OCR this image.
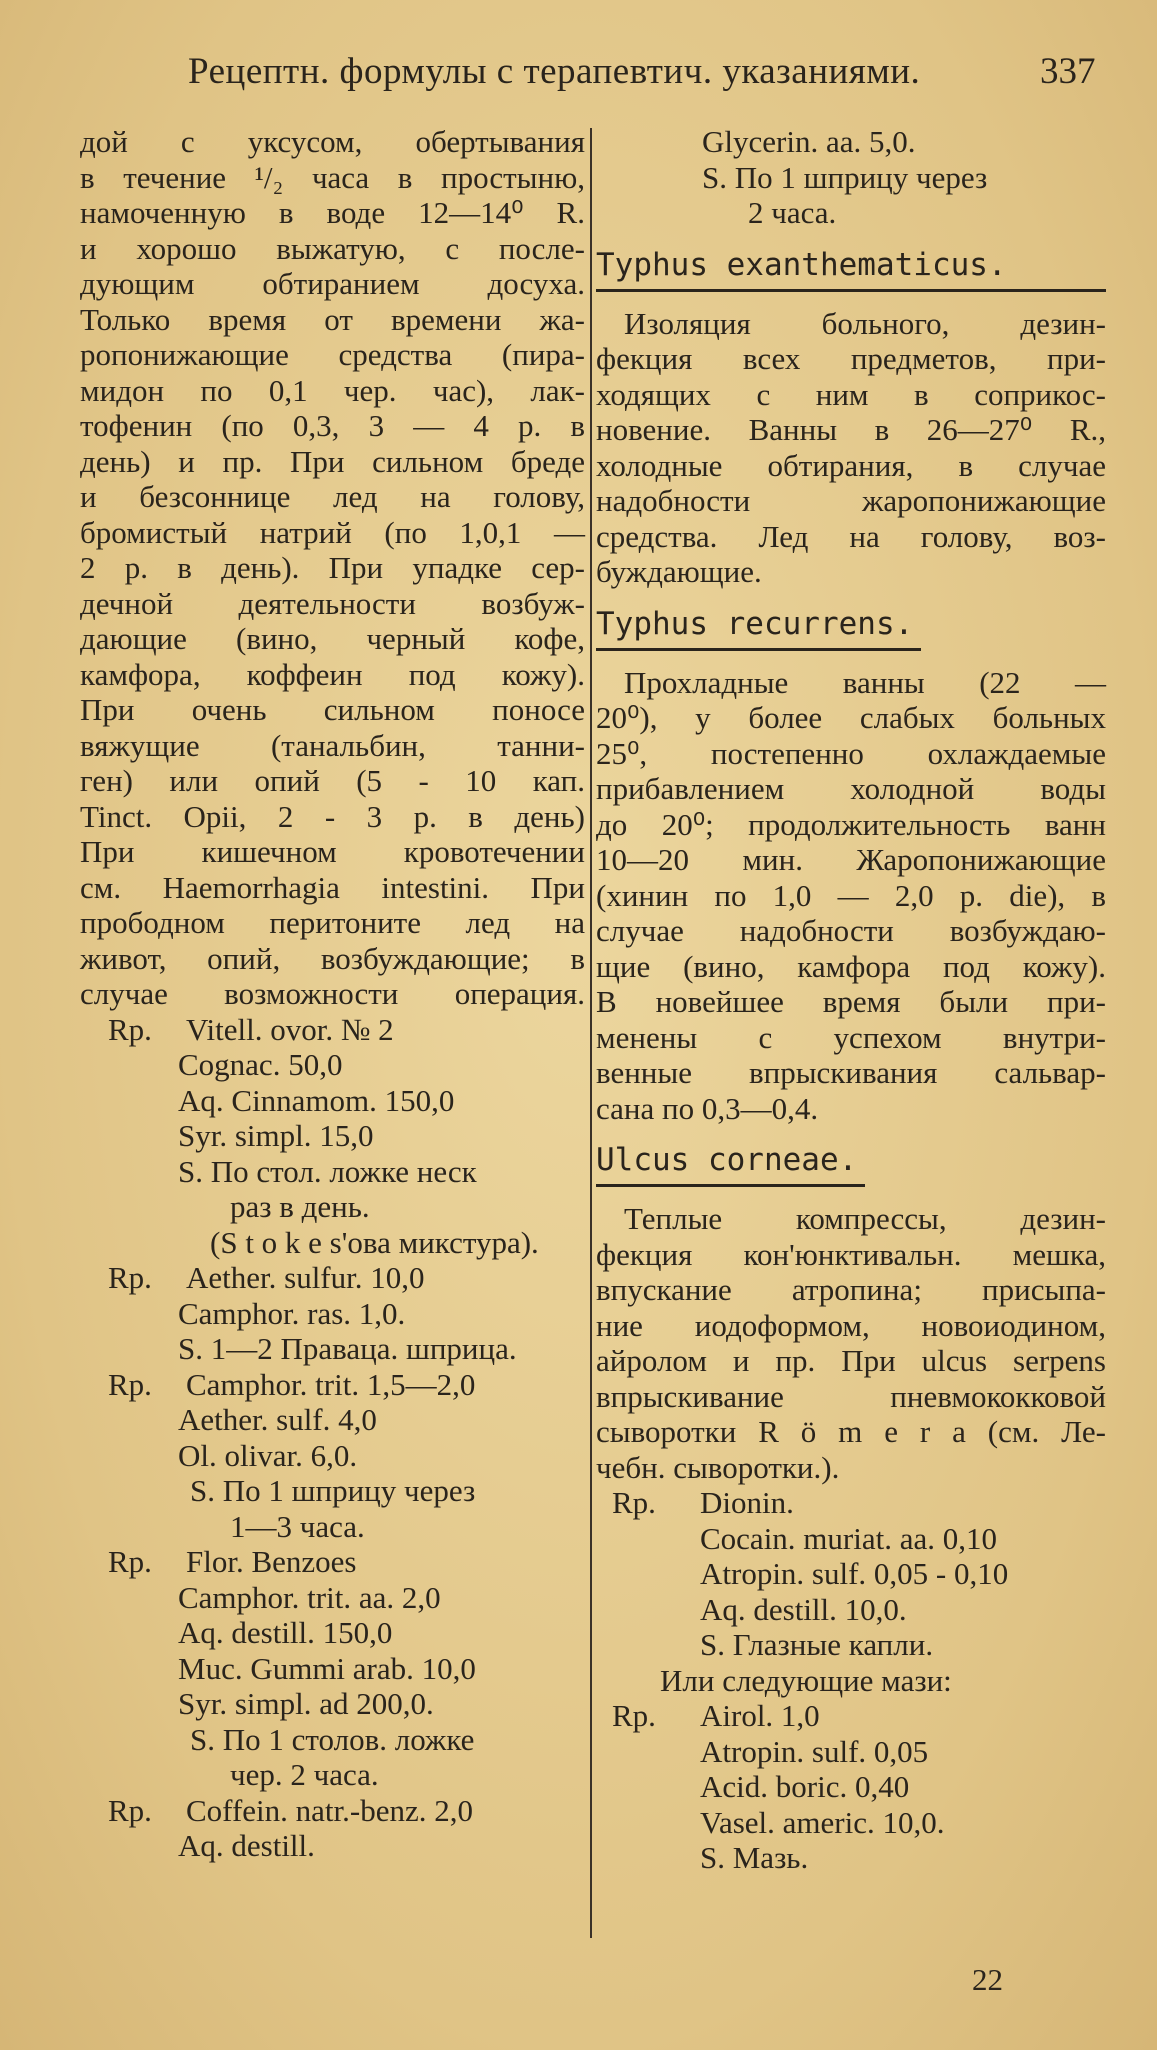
Рецептн. формулы с терапевтич. указаниями.	337
дой с уксусом, обертывания
в течение ¹/₂ часа в простыню,
намоченную в воде 12—14⁰ R.
и хорошо выжатую, с после-
дующим обтиранием досуха.
Только время от времени жа-
ропонижающие средства (пира-
мидон по 0,1 чер. час), лак-
тофенин (по 0,3, 3 — 4 р. в
день) и пр. При сильном бреде
и безсоннице лед на голову,
бромистый натрий (по 1,0,1 —
2 р. в день). При упадке сер-
дечной деятельности возбуж-
дающие (вино, черный кофе,
камфора, коффеин под кожу).
При очень сильном поносе
вяжущие (танальбин, танни-
ген) или опий (5 - 10 кап.
Tinct. Opii, 2 - 3 р. в день)
При кишечном кровотечении
см. Haemorrhagia intestini. При
прободном перитоните лед на
живот, опий, возбуждающие; в
случае возможности операция.
Rp.	Vitell. ovor. № 2
Cognac. 50,0
Aq. Cinnamom. 150,0
Syr. simpl. 15,0
S. По стол. ложке неск
раз в день.
(S t o k e s'ова микстура).
Rp.	Aether. sulfur. 10,0
Camphor. ras. 1,0.
S. 1—2 Праваца. шприца.
Rp.	Camphor. trit. 1,5—2,0
Aether. sulf. 4,0
Ol. olivar. 6,0.
S. По 1 шприцу через
1—3 часа.
Rp.	Flor. Benzoes
Camphor. trit. aa. 2,0
Aq. destill. 150,0
Muc. Gummi arab. 10,0
Syr. simpl. ad 200,0.
S. По 1 столов. ложке
чер. 2 часа.
Rp.	Coffein. natr.-benz. 2,0
Aq. destill.
Glycerin. aa. 5,0.
S. По 1 шприцу через
2 часа.
Typhus exanthematicus.
Изоляция больного, дезин-
фекция всех предметов, при-
ходящих с ним в соприкос-
новение. Ванны в 26—27⁰ R.,
холодные обтирания, в случае
надобности жаропонижающие
средства. Лед на голову, воз-
буждающие.
Typhus recurrens.
Прохладные ванны (22 —
20⁰), у более слабых больных
25⁰, постепенно охлаждаемые
прибавлением холодной воды
до 20⁰; продолжительность ванн
10—20 мин. Жаропонижающие
(хинин по 1,0 — 2,0 р. die), в
случае надобности возбуждаю-
щие (вино, камфора под кожу).
В новейшее время были при-
менены с успехом внутри-
венные впрыскивания сальвар-
сана по 0,3—0,4.
Ulcus corneae.
Теплые компрессы, дезин-
фекция кон'юнктивальн. мешка,
впускание атропина; присыпа-
ние иодоформом, новоиодином,
айролом и пр. При ulcus serpens
впрыскивание пневмококковой
сыворотки R ö m e r a (см. Ле-
чебн. сыворотки.).
Rp.	Dionin.
Cocain. muriat. aa. 0,10
Atropin. sulf. 0,05 - 0,10
Aq. destill. 10,0.
S. Глазные капли.
Или следующие мази:
Rp.	Airol. 1,0
Atropin. sulf. 0,05
Acid. boric. 0,40
Vasel. americ. 10,0.
S. Мазь.
22
